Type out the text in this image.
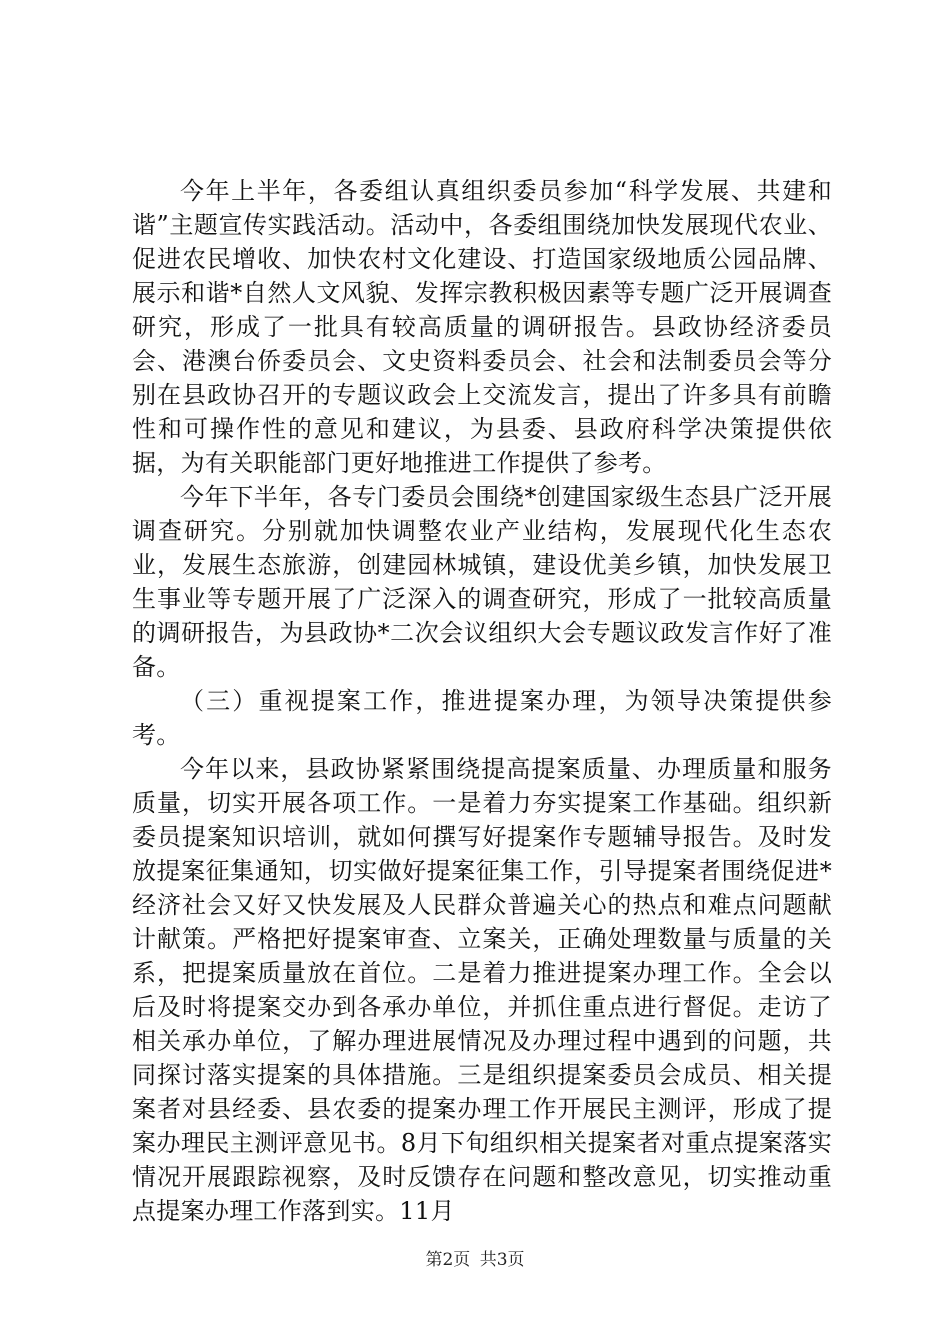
今年上半年，各委组认真组织委员参加“科学发展、共建和谐”主题宣传实践活动。活动中，各委组围绕加快发展现代农业、促进农民增收、加快农村文化建设、打造国家级地质公园品牌、展示和谐*自然人文风貌、发挥宗教积极因素等专题广泛开展调查研究，形成了一批具有较高质量的调研报告。县政协经济委员会、港澳台侨委员会、文史资料委员会、社会和法制委员会等分别在县政协召开的专题议政会上交流发言，提出了许多具有前瞻性和可操作性的意见和建议，为县委、县政府科学决策提供依据，为有关职能部门更好地推进工作提供了参考。

今年下半年，各专门委员会围绕*创建国家级生态县广泛开展调查研究。分别就加快调整农业产业结构，发展现代化生态农业，发展生态旅游，创建园林城镇，建设优美乡镇，加快发展卫生事业等专题开展了广泛深入的调查研究，形成了一批较高质量的调研报告，为县政协*二次会议组织大会专题议政发言作好了准备。

（三）重视提案工作，推进提案办理，为领导决策提供参考。

今年以来，县政协紧紧围绕提高提案质量、办理质量和服务质量，切实开展各项工作。一是着力夯实提案工作基础。组织新委员提案知识培训，就如何撰写好提案作专题辅导报告。及时发放提案征集通知，切实做好提案征集工作，引导提案者围绕促进*经济社会又好又快发展及人民群众普遍关心的热点和难点问题献计献策。严格把好提案审查、立案关，正确处理数量与质量的关系，把提案质量放在首位。二是着力推进提案办理工作。全会以后及时将提案交办到各承办单位，并抓住重点进行督促。走访了相关承办单位，了解办理进展情况及办理过程中遇到的问题，共同探讨落实提案的具体措施。三是组织提案委员会成员、相关提案者对县经委、县农委的提案办理工作开展民主测评，形成了提案办理民主测评意见书。8月下旬组织相关提案者对重点提案落实情况开展跟踪视察，及时反馈存在问题和整改意见，切实推动重点提案办理工作落到实。11月

第2页 共3页
